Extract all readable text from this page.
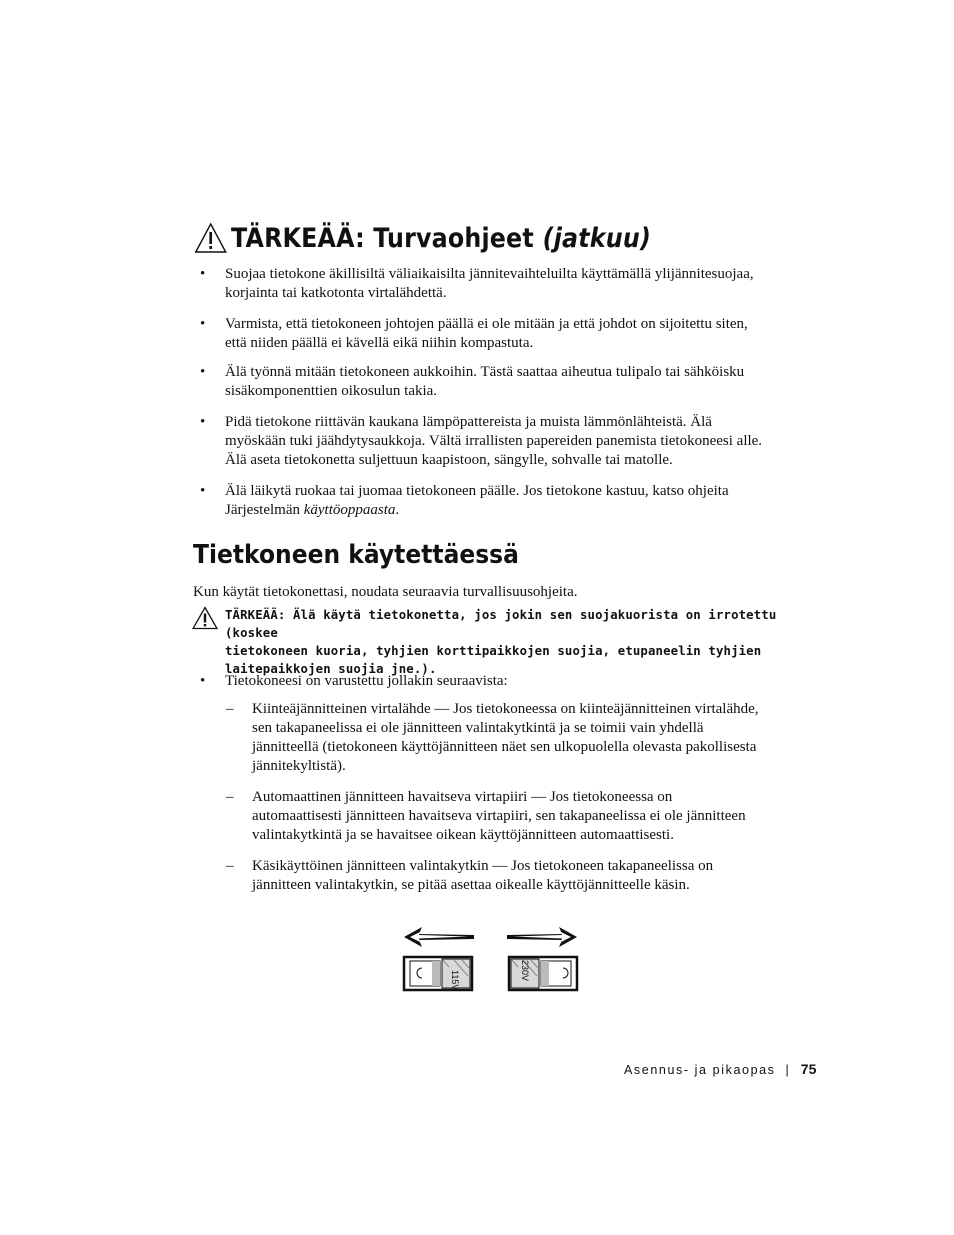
TÄRKEÄÄ: Turvaohjeet (jatkuu)
• Suojaa tietokone äkillisiltä väliaikaisilta jännitevaihteluilta käyttämällä ylijännitesuojaa,
korjainta tai katkotonta virtalähdettä.
• Varmista, että tietokoneen johtojen päällä ei ole mitään ja että johdot on sijoitettu siten,
että niiden päällä ei kävellä eikä niihin kompastuta.
• Älä työnnä mitään tietokoneen aukkoihin. Tästä saattaa aiheutua tulipalo tai sähköisku
sisäkomponenttien oikosulun takia.
• Pidä tietokone riittävän kaukana lämpöpattereista ja muista lämmönlähteistä. Älä
myöskään tuki jäähdytysaukkoja. Vältä irrallisten papereiden panemista tietokoneesi alle.
Älä aseta tietokonetta suljettuun kaapistoon, sängylle, sohvalle tai matolle.
• Älä läikytä ruokaa tai juomaa tietokoneen päälle. Jos tietokone kastuu, katso ohjeita
Järjestelmän käyttöoppaasta.
Tietkoneen käytettäessä
Kun käytät tietokonettasi, noudata seuraavia turvallisuusohjeita.
TÄRKEÄÄ: Älä käytä tietokonetta, jos jokin sen suojakuorista on irrotettu (koskee
tietokoneen kuoria, tyhjien korttipaikkojen suojia, etupaneelin tyhjien
laitepaikkojen suojia jne.).
• Tietokoneesi on varustettu jollakin seuraavista:
– Kiinteäjännitteinen virtalähde — Jos tietokoneessa on kiinteäjännitteinen virtalähde,
sen takapaneelissa ei ole jännitteen valintakytkintä ja se toimii vain yhdellä
jännitteellä (tietokoneen käyttöjännitteen näet sen ulkopuolella olevasta pakollisesta
jännitekyltistä).
– Automaattinen jännitteen havaitseva virtapiiri — Jos tietokoneessa on
automaattisesti jännitteen havaitseva virtapiiri, sen takapaneelissa ei ole jännitteen
valintakytkintä ja se havaitsee oikean käyttöjännitteen automaattisesti.
– Käsikäyttöinen jännitteen valintakytkin — Jos tietokoneen takapaneelissa on
jännitteen valintakytkin, se pitää asettaa oikealle käyttöjännitteelle käsin.
115V	230V
Asennus- ja pikaopas | 75
